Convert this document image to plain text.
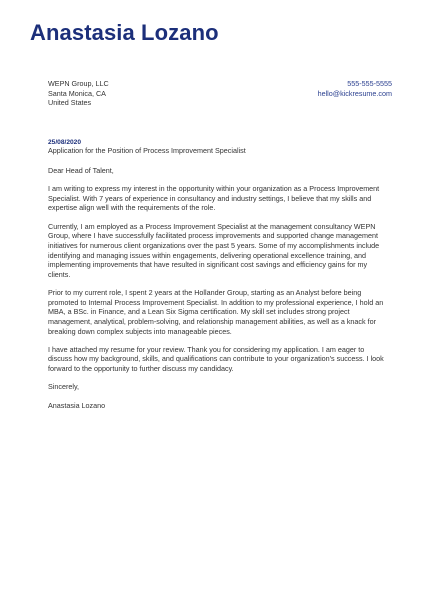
Anastasia Lozano
WEPN Group, LLC
Santa Monica, CA
United States
555-555-5555
hello@kickresume.com
25/08/2020
Application for the Position of Process Improvement Specialist

Dear Head of Talent,

I am writing to express my interest in the opportunity within your organization as a Process Improvement Specialist. With 7 years of experience in consultancy and industry settings, I believe that my skills and expertise align well with the requirements of the role.

Currently, I am employed as a Process Improvement Specialist at the management consultancy WEPN Group, where I have successfully facilitated process improvements and supported change management initiatives for numerous client organizations over the past 5 years. Some of my accomplishments include identifying and managing issues within engagements, delivering operational excellence training, and implementing improvements that have resulted in significant cost savings and efficiency gains for my clients.

Prior to my current role, I spent 2 years at the Hollander Group, starting as an Analyst before being promoted to Internal Process Improvement Specialist. In addition to my professional experience, I hold an MBA, a BSc. in Finance, and a Lean Six Sigma certification. My skill set includes strong project management, analytical, problem-solving, and relationship management abilities, as well as a knack for breaking down complex subjects into manageable pieces.

I have attached my resume for your review. Thank you for considering my application. I am eager to discuss how my background, skills, and qualifications can contribute to your organization's success. I look forward to the opportunity to further discuss my candidacy.

Sincerely,

Anastasia Lozano
